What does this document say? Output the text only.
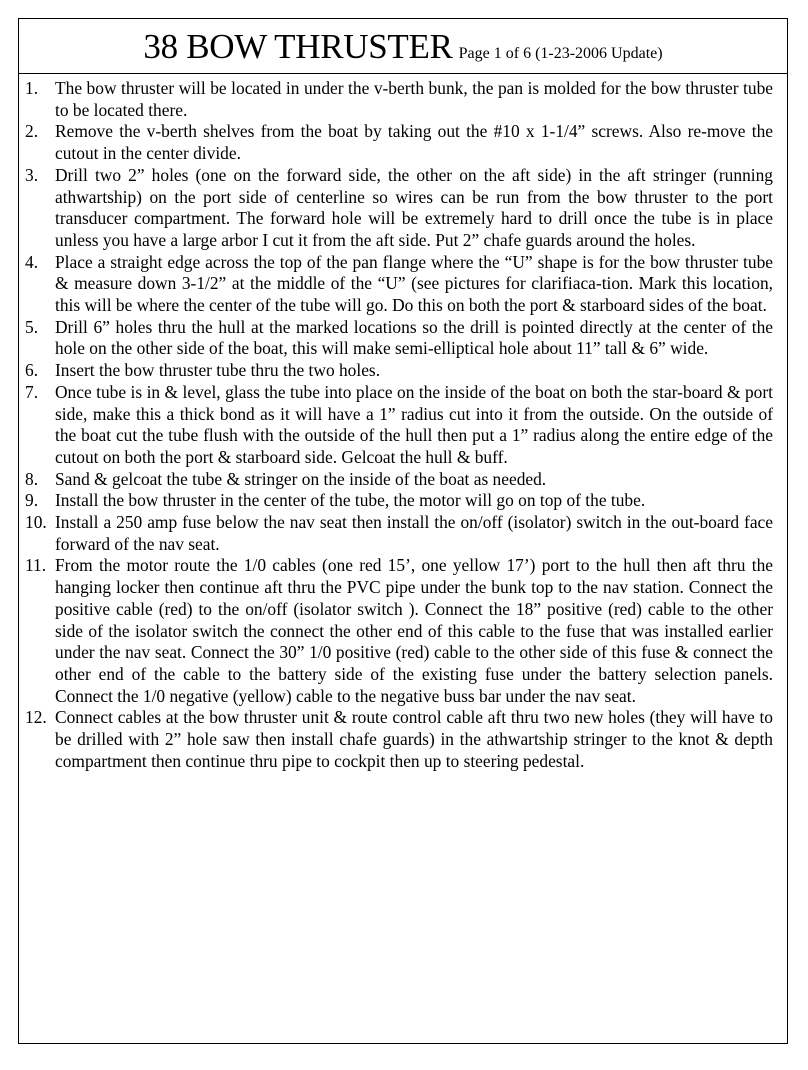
38 BOW THRUSTER Page 1 of 6 (1-23-2006 Update)
1. The bow thruster will be located in under the v-berth bunk, the pan is molded for the bow thruster tube to be located there.
2. Remove the v-berth shelves from the boat by taking out the #10 x 1-1/4” screws. Also re-move the cutout in the center divide.
3. Drill two 2” holes (one on the forward side, the other on the aft side) in the aft stringer (running athwartship) on the port side of centerline so wires can be run from the bow thruster to the port transducer compartment. The forward hole will be extremely hard to drill once the tube is in place unless you have a large arbor I cut it from the aft side. Put 2” chafe guards around the holes.
4. Place a straight edge across the top of the pan flange where the “U” shape is for the bow thruster tube & measure down 3-1/2” at the middle of the “U” (see pictures for clarifiaca-tion. Mark this location, this will be where the center of the tube will go. Do this on both the port & starboard sides of the boat.
5. Drill 6” holes thru the hull at the marked locations so the drill is pointed directly at the center of the hole on the other side of the boat, this will make semi-elliptical hole about 11” tall & 6” wide.
6. Insert the bow thruster tube thru the two holes.
7. Once tube is in & level, glass the tube into place on the inside of the boat on both the star-board & port side, make this a thick bond as it will have a 1” radius cut into it from the outside. On the outside of the boat cut the tube flush with the outside of the hull then put a 1” radius along the entire edge of the cutout on both the port & starboard side. Gelcoat the hull & buff.
8. Sand & gelcoat the tube & stringer on the inside of the boat as needed.
9. Install the bow thruster in the center of the tube, the motor will go on top of the tube.
10. Install a 250 amp fuse below the nav seat then install the on/off (isolator) switch in the out-board face forward of the nav seat.
11. From the motor route the 1/0 cables (one red 15’, one yellow 17’) port to the hull then aft thru the hanging locker then continue aft thru the PVC pipe under the bunk top to the nav station. Connect the positive cable (red) to the on/off (isolator switch ). Connect the 18” positive (red) cable to the other side of the isolator switch the connect the other end of this cable to the fuse that was installed earlier under the nav seat. Connect the 30” 1/0 positive (red) cable to the other side of this fuse & connect the other end of the cable to the battery side of the existing fuse under the battery selection panels. Connect the 1/0 negative (yellow) cable to the negative buss bar under the nav seat.
12. Connect cables at the bow thruster unit & route control cable aft thru two new holes (they will have to be drilled with 2” hole saw then install chafe guards) in the athwartship stringer to the knot & depth compartment then continue thru pipe to cockpit then up to steering pedestal.
